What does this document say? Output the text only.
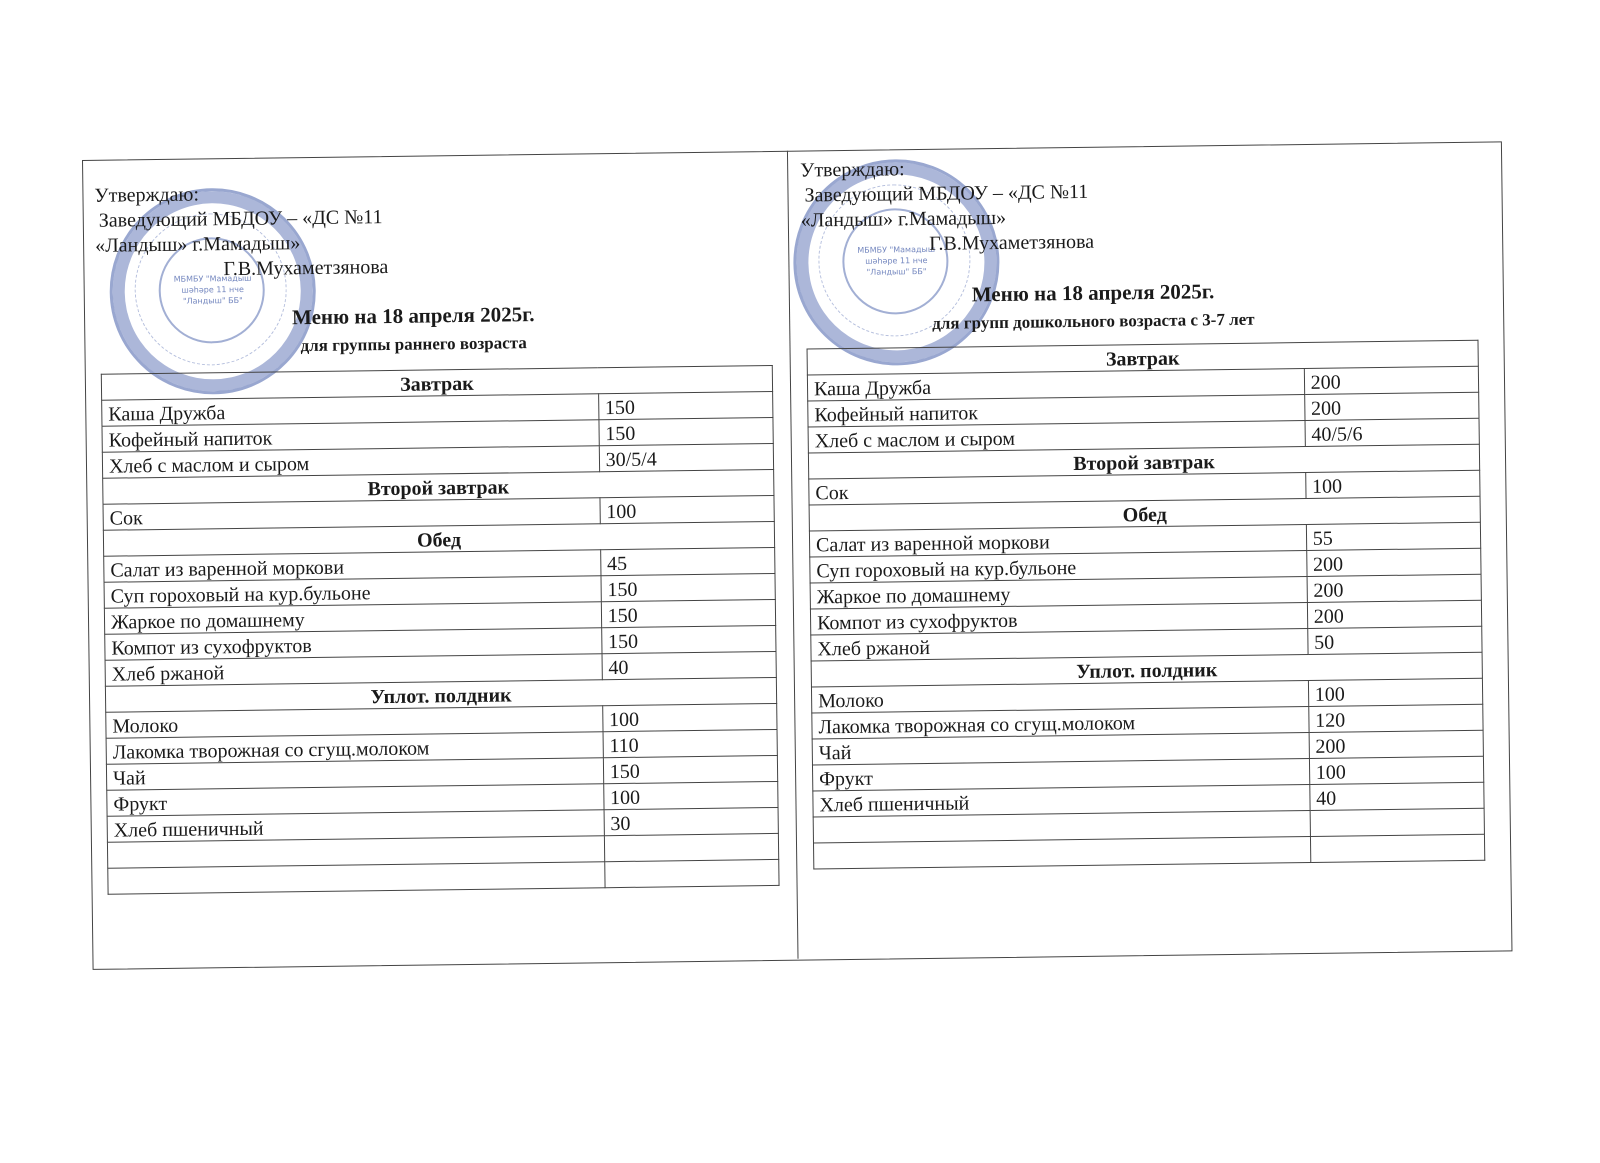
МБМБУ "Мамадыш шәһәре 11 нче "Ландыш" ББ"
Утверждаю:
Заведующий МБДОУ – «ДС №11
«Ландыш» г.Мамадыш»
Г.В.Мухаметзянова
Меню на 18 апреля 2025г.
для группы раннего возраста
Завтрак	
Каша Дружба	150
Кофейный напиток	150
Хлеб с маслом и сыром	30/5/4
Второй завтрак	
Сок	100
Обед	
Салат из варенной моркови	45
Суп гороховый на кур.бульоне	150
Жаркое по домашнему	150
Компот из сухофруктов	150
Хлеб ржаной	40
Уплот. полдник	
Молоко	100
Лакомка творожная со сгущ.молоком	110
Чай	150
Фрукт	100
Хлеб пшеничный	30

МБМБУ "Мамадыш шәһәре 11 нче "Ландыш" ББ"
Утверждаю:
Заведующий МБДОУ – «ДС №11
«Ландыш» г.Мамадыш»
Г.В.Мухаметзянова
Меню на 18 апреля 2025г.
для групп дошкольного возраста с 3-7 лет
Завтрак	
Каша Дружба	200
Кофейный напиток	200
Хлеб с маслом и сыром	40/5/6
Второй завтрак	
Сок	100
Обед	
Салат из варенной моркови	55
Суп гороховый на кур.бульоне	200
Жаркое по домашнему	200
Компот из сухофруктов	200
Хлеб ржаной	50
Уплот. полдник	
Молоко	100
Лакомка творожная со сгущ.молоком	120
Чай	200
Фрукт	100
Хлеб пшеничный	40
